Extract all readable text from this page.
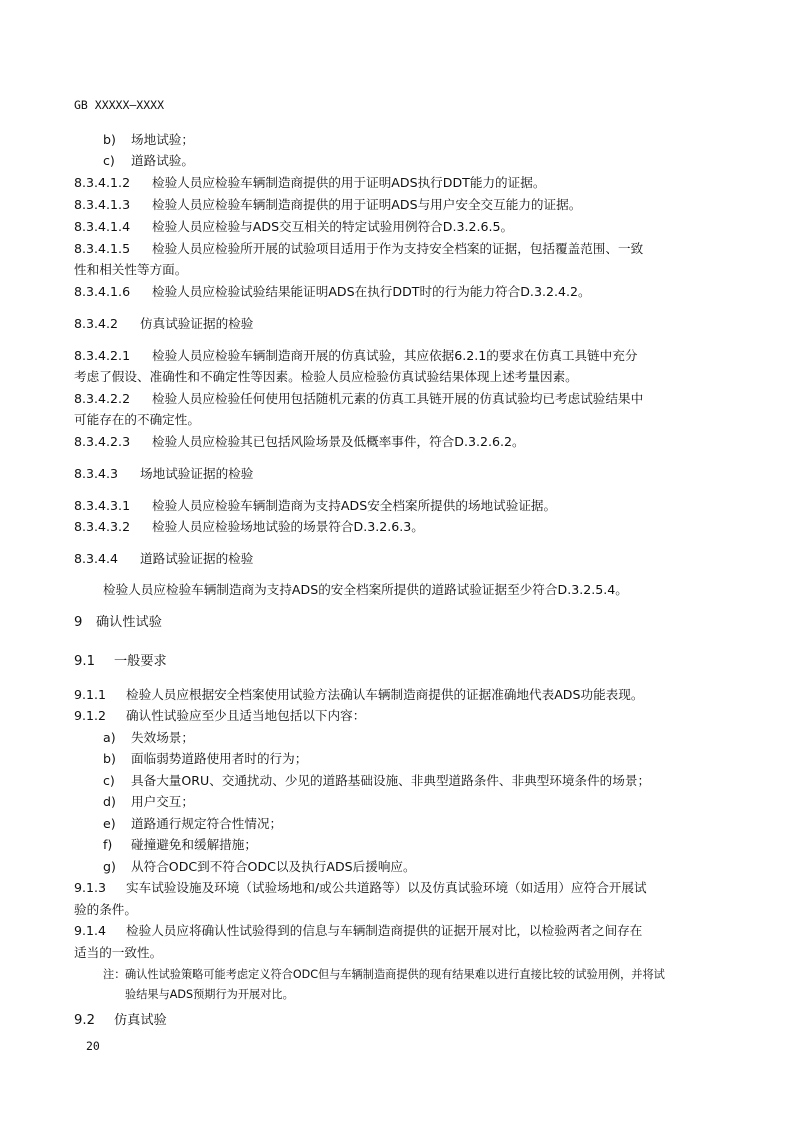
GB XXXXX—XXXX
b) 场地试验；
c) 道路试验。
8.3.4.1.2 检验人员应检验车辆制造商提供的用于证明ADS执行DDT能力的证据。
8.3.4.1.3 检验人员应检验车辆制造商提供的用于证明ADS与用户安全交互能力的证据。
8.3.4.1.4 检验人员应检验与ADS交互相关的特定试验用例符合D.3.2.6.5。
8.3.4.1.5 检验人员应检验所开展的试验项目适用于作为支持安全档案的证据，包括覆盖范围、一致
性和相关性等方面。
8.3.4.1.6 检验人员应检验试验结果能证明ADS在执行DDT时的行为能力符合D.3.2.4.2。
8.3.4.2 仿真试验证据的检验
8.3.4.2.1 检验人员应检验车辆制造商开展的仿真试验，其应依据6.2.1的要求在仿真工具链中充分
考虑了假设、准确性和不确定性等因素。检验人员应检验仿真试验结果体现上述考量因素。
8.3.4.2.2 检验人员应检验任何使用包括随机元素的仿真工具链开展的仿真试验均已考虑试验结果中
可能存在的不确定性。
8.3.4.2.3 检验人员应检验其已包括风险场景及低概率事件，符合D.3.2.6.2。
8.3.4.3 场地试验证据的检验
8.3.4.3.1 检验人员应检验车辆制造商为支持ADS安全档案所提供的场地试验证据。
8.3.4.3.2 检验人员应检验场地试验的场景符合D.3.2.6.3。
8.3.4.4 道路试验证据的检验
检验人员应检验车辆制造商为支持ADS的安全档案所提供的道路试验证据至少符合D.3.2.5.4。
9 确认性试验
9.1 一般要求
9.1.1 检验人员应根据安全档案使用试验方法确认车辆制造商提供的证据准确地代表ADS功能表现。
9.1.2 确认性试验应至少且适当地包括以下内容：
a) 失效场景；
b) 面临弱势道路使用者时的行为；
c) 具备大量ORU、交通扰动、少见的道路基础设施、非典型道路条件、非典型环境条件的场景；
d) 用户交互；
e) 道路通行规定符合性情况；
f) 碰撞避免和缓解措施；
g) 从符合ODC到不符合ODC以及执行ADS后援响应。
9.1.3 实车试验设施及环境（试验场地和/或公共道路等）以及仿真试验环境（如适用）应符合开展试
验的条件。
9.1.4 检验人员应将确认性试验得到的信息与车辆制造商提供的证据开展对比，以检验两者之间存在
适当的一致性。
注：确认性试验策略可能考虑定义符合ODC但与车辆制造商提供的现有结果难以进行直接比较的试验用例，并将试
验结果与ADS预期行为开展对比。
9.2 仿真试验
20
